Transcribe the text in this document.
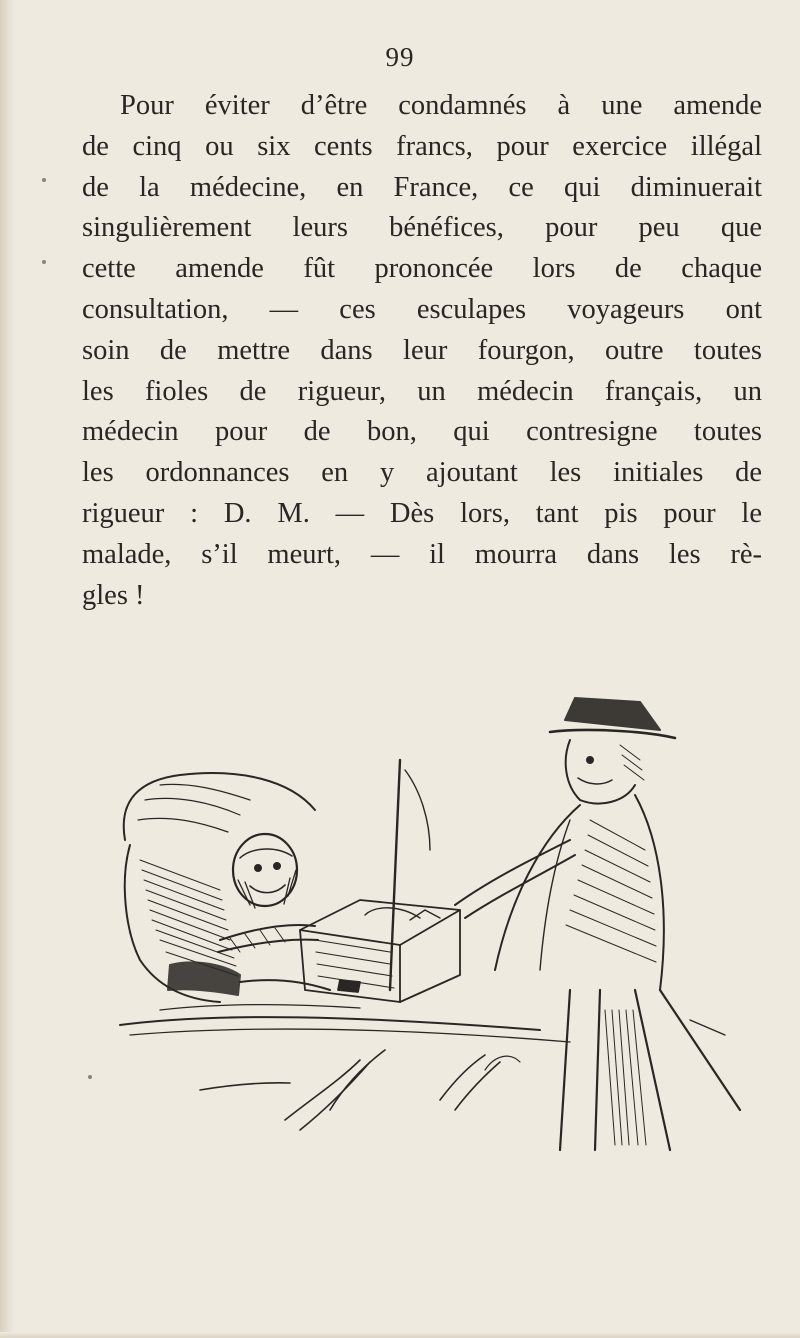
99
Pour éviter d’être condamnés à une amende
de cinq ou six cents francs, pour exercice illégal
de la médecine, en France, ce qui diminuerait
singulièrement leurs bénéfices, pour peu que
cette amende fût prononcée lors de chaque
consultation, — ces esculapes voyageurs ont
soin de mettre dans leur fourgon, outre toutes
les fioles de rigueur, un médecin français, un
médecin pour de bon, qui contresigne toutes
les ordonnances en y ajoutant les initiales de
rigueur : D. M. — Dès lors, tant pis pour le
malade, s’il meurt, — il mourra dans les rè-
gles !
